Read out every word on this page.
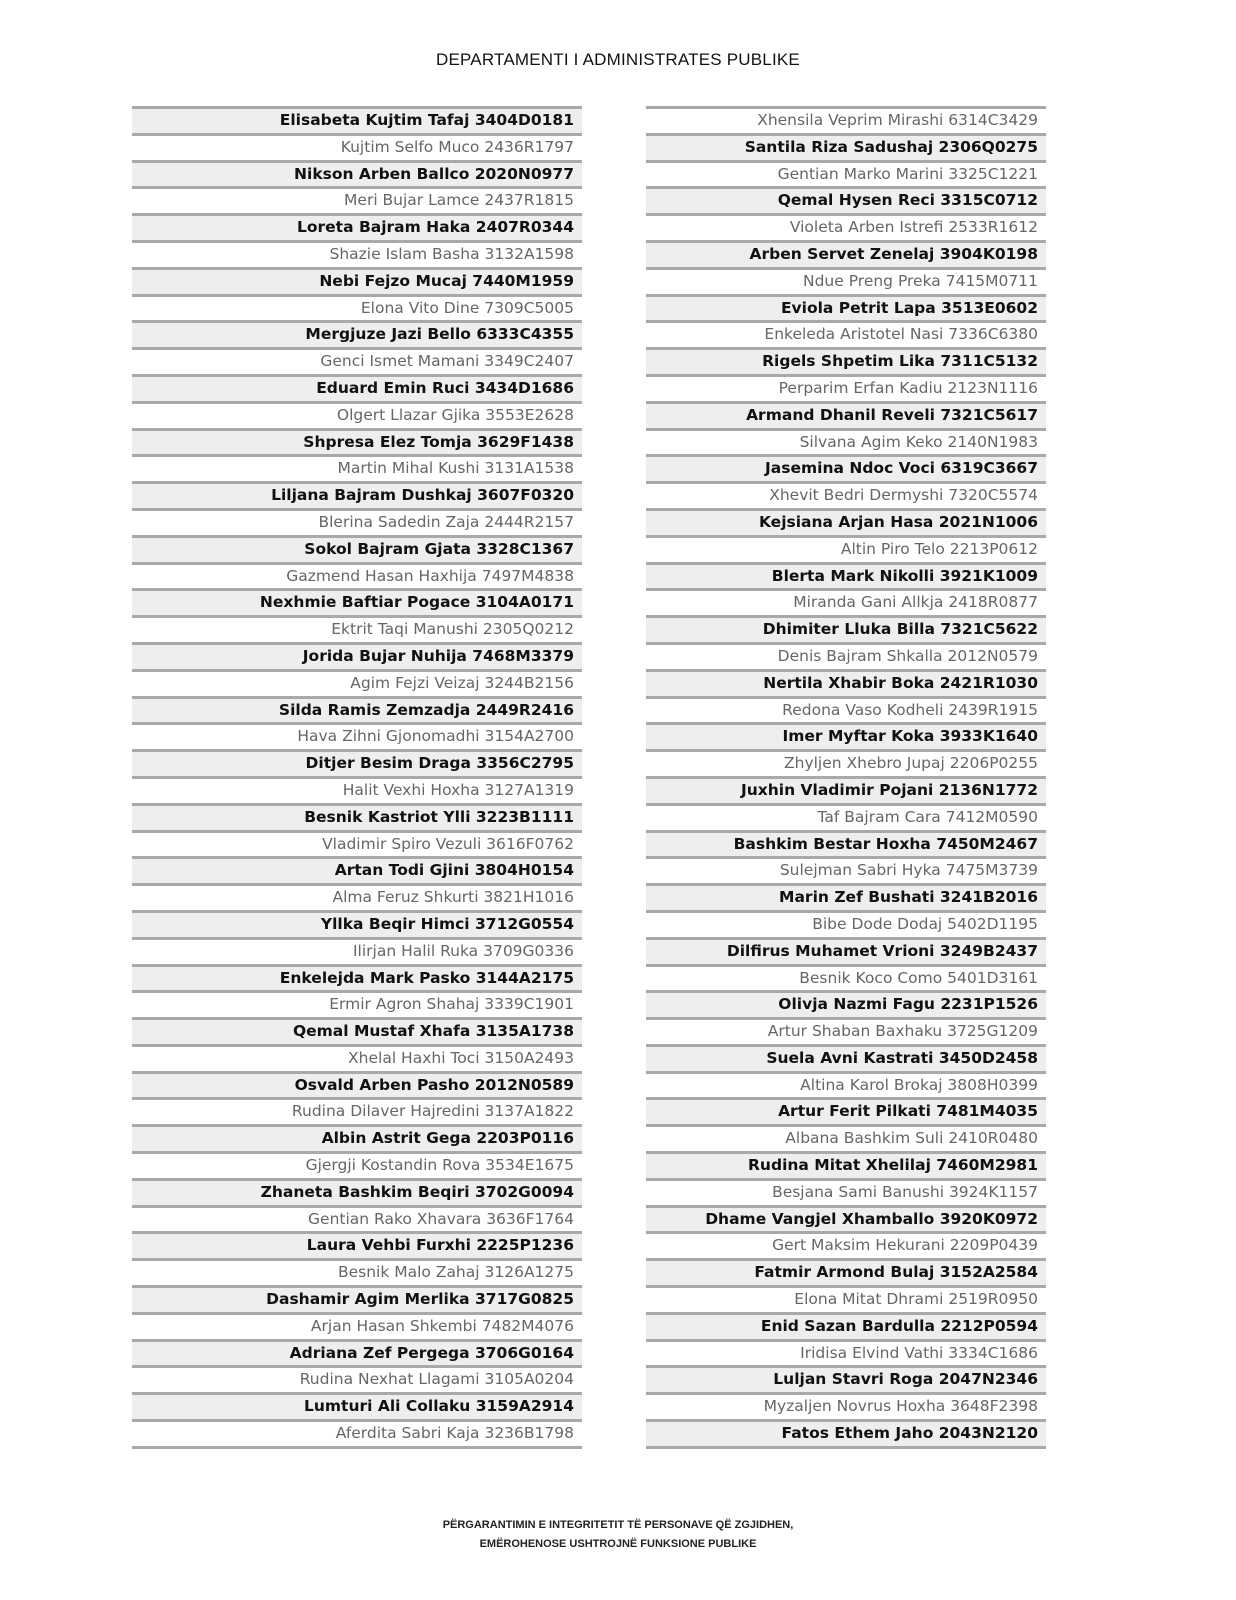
DEPARTAMENTI I ADMINISTRATES PUBLIKE
Elisabeta Kujtim Tafaj 3404D0181
Kujtim Selfo Muco 2436R1797
Nikson Arben Ballco 2020N0977
Meri Bujar Lamce 2437R1815
Loreta Bajram Haka 2407R0344
Shazie Islam Basha 3132A1598
Nebi Fejzo Mucaj 7440M1959
Elona Vito Dine 7309C5005
Mergjuze Jazi Bello 6333C4355
Genci Ismet Mamani 3349C2407
Eduard Emin Ruci 3434D1686
Olgert Llazar Gjika 3553E2628
Shpresa Elez Tomja 3629F1438
Martin Mihal Kushi 3131A1538
Liljana Bajram Dushkaj 3607F0320
Blerina Sadedin Zaja 2444R2157
Sokol Bajram Gjata 3328C1367
Gazmend Hasan Haxhija 7497M4838
Nexhmie Baftiar Pogace 3104A0171
Ektrit Taqi Manushi 2305Q0212
Jorida Bujar Nuhija 7468M3379
Agim Fejzi Veizaj 3244B2156
Silda Ramis Zemzadja 2449R2416
Hava Zihni Gjonomadhi 3154A2700
Ditjer Besim Draga 3356C2795
Halit Vexhi Hoxha 3127A1319
Besnik Kastriot Ylli 3223B1111
Vladimir Spiro Vezuli 3616F0762
Artan Todi Gjini 3804H0154
Alma Feruz Shkurti 3821H1016
Yllka Beqir Himci 3712G0554
Ilirjan Halil Ruka 3709G0336
Enkelejda Mark Pasko 3144A2175
Ermir Agron Shahaj 3339C1901
Qemal Mustaf Xhafa 3135A1738
Xhelal Haxhi Toci 3150A2493
Osvald Arben Pasho 2012N0589
Rudina Dilaver Hajredini 3137A1822
Albin Astrit Gega 2203P0116
Gjergji Kostandin Rova 3534E1675
Zhaneta Bashkim Beqiri 3702G0094
Gentian Rako Xhavara 3636F1764
Laura Vehbi Furxhi 2225P1236
Besnik Malo Zahaj 3126A1275
Dashamir Agim Merlika 3717G0825
Arjan Hasan Shkembi 7482M4076
Adriana Zef Pergega 3706G0164
Rudina Nexhat Llagami 3105A0204
Lumturi Ali Collaku 3159A2914
Aferdita Sabri Kaja 3236B1798
Xhensila Veprim Mirashi 6314C3429
Santila Riza Sadushaj 2306Q0275
Gentian Marko Marini 3325C1221
Qemal Hysen Reci 3315C0712
Violeta Arben Istrefi 2533R1612
Arben Servet Zenelaj 3904K0198
Ndue Preng Preka 7415M0711
Eviola Petrit Lapa 3513E0602
Enkeleda Aristotel Nasi 7336C6380
Rigels Shpetim Lika 7311C5132
Perparim Erfan Kadiu 2123N1116
Armand Dhanil Reveli 7321C5617
Silvana Agim Keko 2140N1983
Jasemina Ndoc Voci 6319C3667
Xhevit Bedri Dermyshi 7320C5574
Kejsiana Arjan Hasa 2021N1006
Altin Piro Telo 2213P0612
Blerta Mark Nikolli 3921K1009
Miranda Gani Allkja 2418R0877
Dhimiter Lluka Billa 7321C5622
Denis Bajram Shkalla 2012N0579
Nertila Xhabir Boka 2421R1030
Redona Vaso Kodheli 2439R1915
Imer Myftar Koka 3933K1640
Zhyljen Xhebro Jupaj 2206P0255
Juxhin Vladimir Pojani 2136N1772
Taf Bajram Cara 7412M0590
Bashkim Bestar Hoxha 7450M2467
Sulejman Sabri Hyka 7475M3739
Marin Zef Bushati 3241B2016
Bibe Dode Dodaj 5402D1195
Dilfirus Muhamet Vrioni 3249B2437
Besnik Koco Como 5401D3161
Olivja Nazmi Fagu 2231P1526
Artur Shaban Baxhaku 3725G1209
Suela Avni Kastrati 3450D2458
Altina Karol Brokaj 3808H0399
Artur Ferit Pilkati 7481M4035
Albana Bashkim Suli 2410R0480
Rudina Mitat Xhelilaj 7460M2981
Besjana Sami Banushi 3924K1157
Dhame Vangjel Xhamballo 3920K0972
Gert Maksim Hekurani 2209P0439
Fatmir Armond Bulaj 3152A2584
Elona Mitat Dhrami 2519R0950
Enid Sazan Bardulla 2212P0594
Iridisa Elvind Vathi 3334C1686
Luljan Stavri Roga 2047N2346
Myzaljen Novrus Hoxha 3648F2398
Fatos Ethem Jaho 2043N2120
PËRGARANTIMIN E INTEGRITETIT TË PERSONAVE QË ZGJIDHEN,
EMËROHENOSE USHTROJNË FUNKSIONE PUBLIKE
